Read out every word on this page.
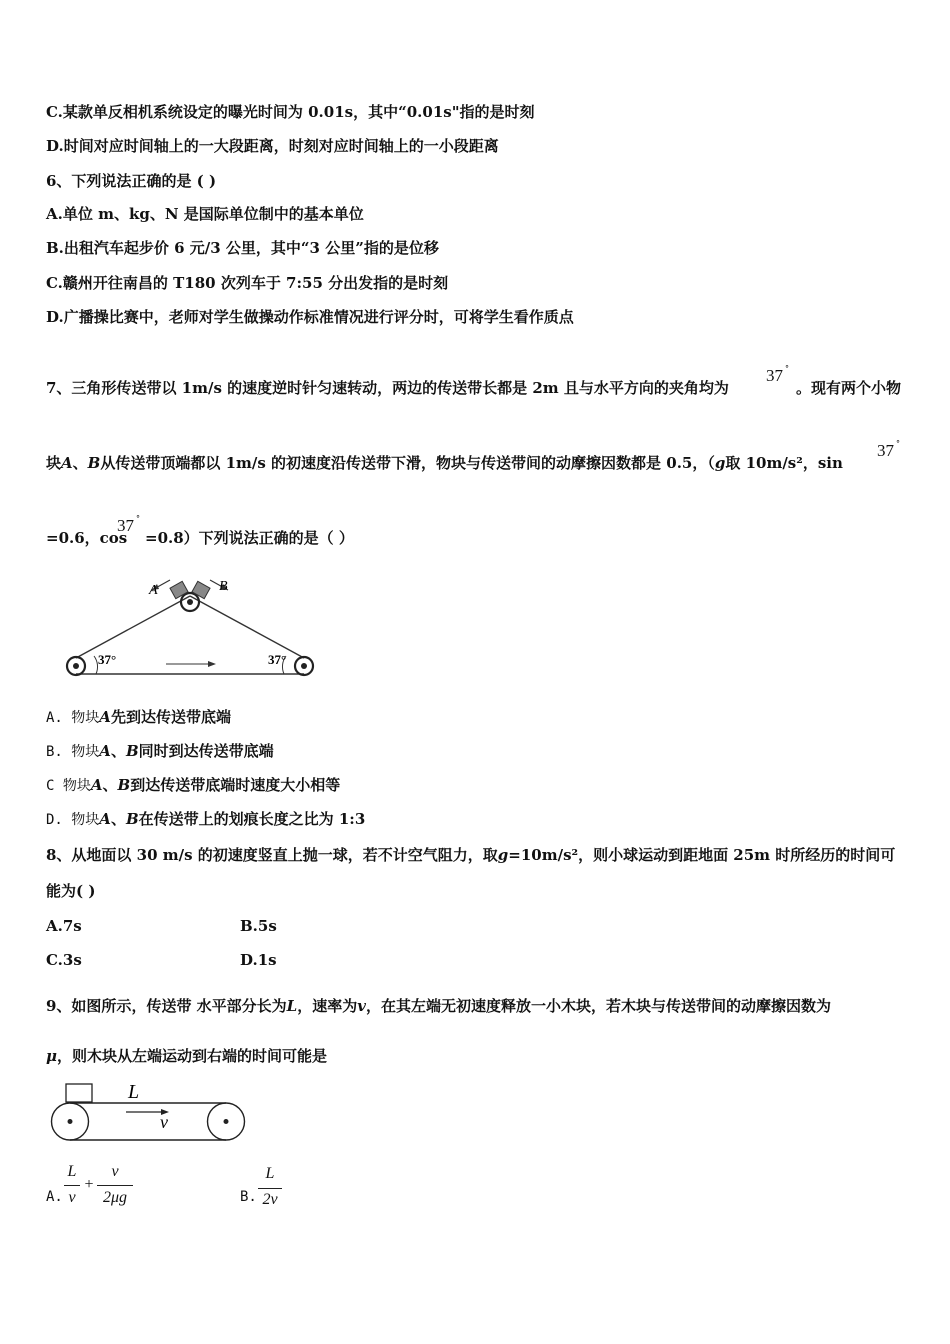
C.某款单反相机系统设定的曝光时间为 0.01s，其中“0.01s"指的是时刻
D.时间对应时间轴上的一大段距离，时刻对应时间轴上的一小段距离
6、下列说法正确的是 ( )
A.单位 m、kg、N 是国际单位制中的基本单位
B.出租汽车起步价 6 元/3 公里，其中“3 公里”指的是位移
C.赣州开往南昌的 T180 次列车于 7:55 分出发指的是时刻
D.广播操比赛中，老师对学生做操动作标准情况进行评分时，可将学生看作质点
7、三角形传送带以 1m/s 的速度逆时针匀速转动，两边的传送带长都是 2m 且与水平方向的夹角均为
37 °
。现有两个小物
块A、B从传送带顶端都以 1m/s 的初速度沿传送带下滑，物块与传送带间的动摩擦因数都是 0.5，（g取 10m/s²，sin
37 °
=0.6，cos
37 °
=0.8）下列说法正确的是（ ）
A	B
37°	37°
A. 物块A先到达传送带底端
B. 物块A、B同时到达传送带底端
C 物块A、B到达传送带底端时速度大小相等
D. 物块A、B在传送带上的划痕长度之比为 1:3
8、从地面以 30 m/s 的初速度竖直上抛一球，若不计空气阻力，取g=10m/s²，则小球运动到距地面 25m 时所经历的时间可
能为( )
A.7s	B.5s
C.3s	D.1s
9、如图所示，传送带 水平部分长为L，速率为v，在其左端无初速度释放一小木块，若木块与传送带间的动摩擦因数为
μ，则木块从左端运动到右端的时间可能是
L
v
A.
L
v
+
v
2μg	B.
L
2v
